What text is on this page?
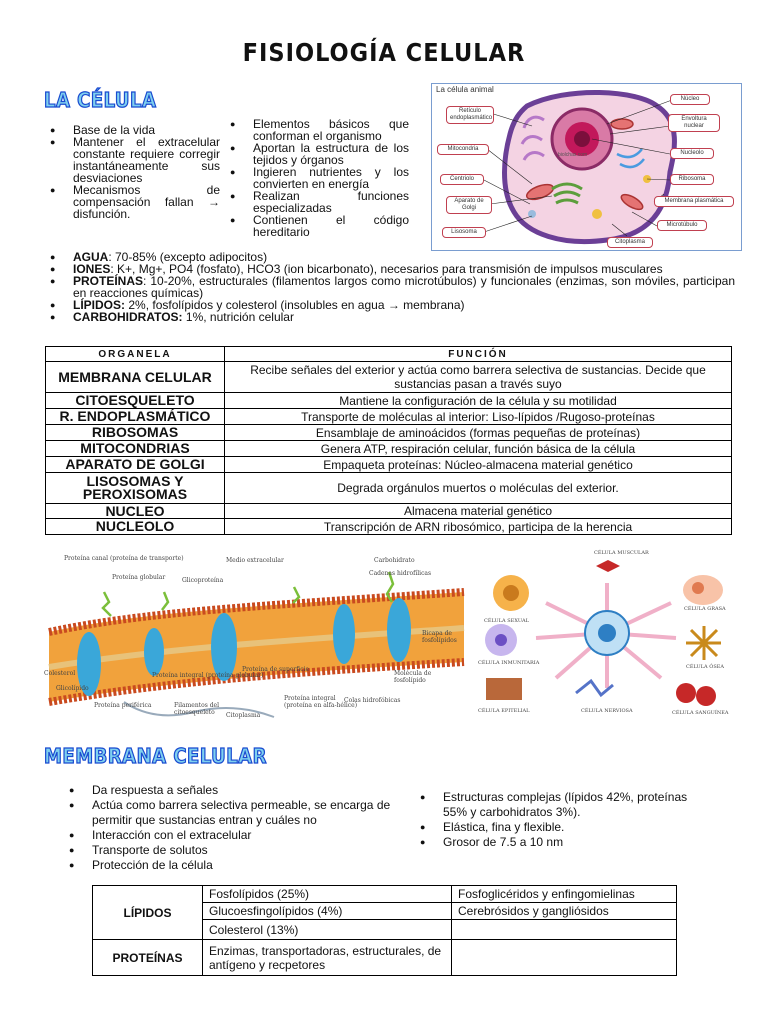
FISIOLOGÍA CELULAR
LA CÉLULA
● Base de la vida
● Mantener el extracelular constante requiere corregir instantáneamente sus desviaciones
● Mecanismos de compensación fallan → disfunción.
● Elementos básicos que conforman el organismo
● Aportan la estructura de los tejidos y órganos
● Ingieren nutrientes y los convierten en energía
● Realizan funciones especializadas
● Contienen el código hereditario
La célula animal
biolchas.com
Retículo endoplasmático
Mitocondria
Centriolo
Aparato de Golgi
Lisosoma
Núcleo
Envoltura nuclear
Nucleolo
Ribosoma
Membrana plasmática
Microtúbulo
Citoplasma
● AGUA: 70-85% (excepto adipocitos)
● IONES: K+, Mg+, PO4 (fosfato), HCO3 (ion bicarbonato), necesarios para transmisión de impulsos musculares
● PROTEÍNAS: 10-20%, estructurales (filamentos largos como microtúbulos) y funcionales (enzimas, son móviles, participan en reacciones químicas)
● LÍPIDOS: 2%, fosfolípidos y colesterol (insolubles en agua → membrana)
● CARBOHIDRATOS: 1%, nutrición celular
ORGANELA	FUNCIÓN
MEMBRANA CELULAR	Recibe señales del exterior y actúa como barrera selectiva de sustancias. Decide que sustancias pasan a través suyo
CITOESQUELETO	Mantiene la configuración de la célula y su motilidad
R. ENDOPLASMÁTICO	Transporte de moléculas al interior: Liso-lípidos /Rugoso-proteínas
RIBOSOMAS	Ensamblaje de aminoácidos (formas pequeñas de proteínas)
MITOCONDRIAS	Genera ATP, respiración celular, función básica de la célula
APARATO DE GOLGI	Empaqueta proteínas: Núcleo-almacena material genético
LISOSOMAS Y PEROXISOMAS	Degrada orgánulos muertos o moléculas del exterior.
NUCLEO	Almacena material genético
NUCLEOLO	Transcripción de ARN ribosómico, participa de la herencia
Proteína canal (proteína de transporte)
Proteína globular	Glicoproteína
Medio extracelular	Carbohidrato
Cadenas hidrofílicas
Bicapa de fosfolípidos
Molécula de fosfolípido
Colesterol
Glicolípido
Proteína integral (proteína globular)
Proteína de superficie
Proteína periférica	Filamentos del citoesqueleto	Citoplasma
Proteína integral (proteína en alfa-hélice)
Colas hidrofóbicas
CÉLULA MUSCULAR
CÉLULA SEXUAL
CÉLULA GRASA
CÉLULA ÓSEA
CÉLULA INMUNITARIA
CÉLULA EPITELIAL	CÉLULA NERVIOSA	CÉLULA SANGUÍNEA
MEMBRANA CELULAR
● Da respuesta a señales
● Actúa como barrera selectiva permeable, se encarga de permitir que sustancias entran y cuáles no
● Interacción con el extracelular
● Transporte de solutos
● Protección de la célula
● Estructuras complejas (lípidos 42%, proteínas 55% y carbohidratos 3%).
● Elástica, fina y flexible.
● Grosor de 7.5 a 10 nm
LÍPIDOS	Fosfolípidos (25%)	Fosfoglicéridos y enfingomielinas
	Glucoesfingolípidos (4%)	Cerebrósidos y gangliósidos
	Colesterol (13%)	
PROTEÍNAS	Enzimas, transportadoras, estructurales, de antígeno y recpetores	
